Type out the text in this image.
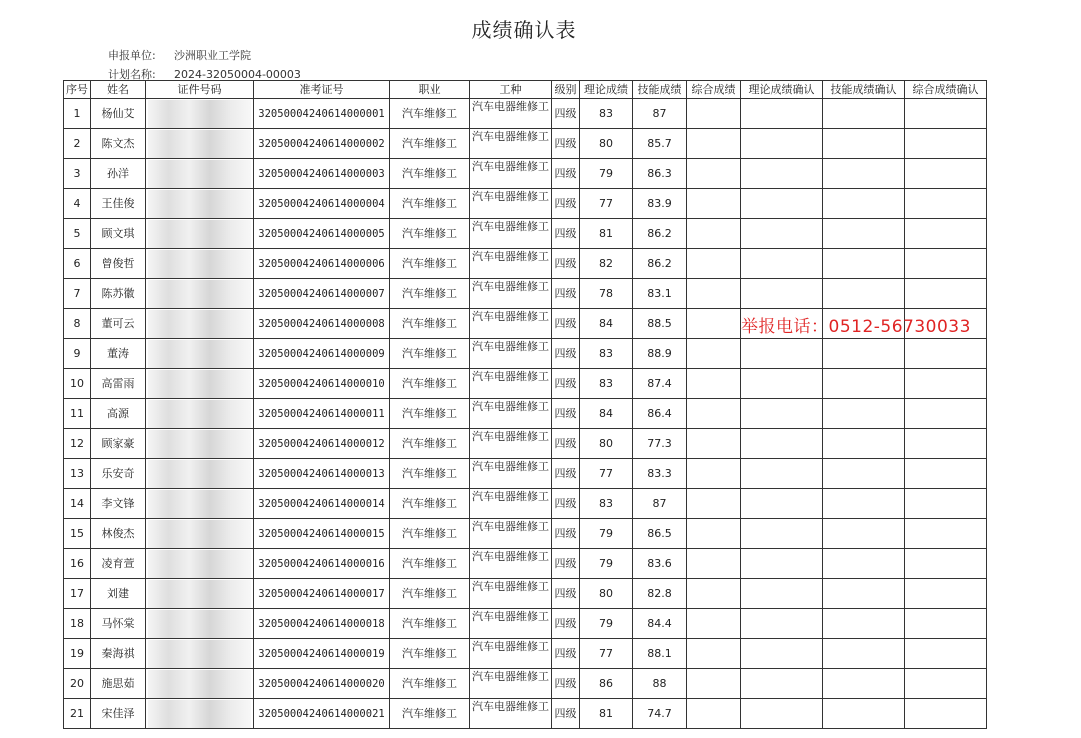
成绩确认表
申报单位: 沙洲职业工学院
计划名称: 2024-32050004-00003
序号	姓名	证件号码	准考证号	职业	工种	级别	理论成绩	技能成绩	综合成绩	理论成绩确认	技能成绩确认	综合成绩确认
1	杨仙艾		32050004240614000001	汽车维修工	汽车电器维修工	四级	83	87				
2	陈文杰		32050004240614000002	汽车维修工	汽车电器维修工	四级	80	85.7				
3	孙洋		32050004240614000003	汽车维修工	汽车电器维修工	四级	79	86.3				
4	王佳俊		32050004240614000004	汽车维修工	汽车电器维修工	四级	77	83.9				
5	顾文琪		32050004240614000005	汽车维修工	汽车电器维修工	四级	81	86.2				
6	曾俊哲		32050004240614000006	汽车维修工	汽车电器维修工	四级	82	86.2				
7	陈苏徽		32050004240614000007	汽车维修工	汽车电器维修工	四级	78	83.1				
8	董可云		32050004240614000008	汽车维修工	汽车电器维修工	四级	84	88.5				
9	董涛		32050004240614000009	汽车维修工	汽车电器维修工	四级	83	88.9				
10	高雷雨		32050004240614000010	汽车维修工	汽车电器维修工	四级	83	87.4				
11	高源		32050004240614000011	汽车维修工	汽车电器维修工	四级	84	86.4				
12	顾家豪		32050004240614000012	汽车维修工	汽车电器维修工	四级	80	77.3				
13	乐安奇		32050004240614000013	汽车维修工	汽车电器维修工	四级	77	83.3				
14	李文锋		32050004240614000014	汽车维修工	汽车电器维修工	四级	83	87				
15	林俊杰		32050004240614000015	汽车维修工	汽车电器维修工	四级	79	86.5				
16	凌育萱		32050004240614000016	汽车维修工	汽车电器维修工	四级	79	83.6				
17	刘建		32050004240614000017	汽车维修工	汽车电器维修工	四级	80	82.8				
18	马怀棠		32050004240614000018	汽车维修工	汽车电器维修工	四级	79	84.4				
19	秦海祺		32050004240614000019	汽车维修工	汽车电器维修工	四级	77	88.1				
20	施思茹		32050004240614000020	汽车维修工	汽车电器维修工	四级	86	88				
21	宋佳泽		32050004240614000021	汽车维修工	汽车电器维修工	四级	81	74.7				
举报电话：0512-56730033
